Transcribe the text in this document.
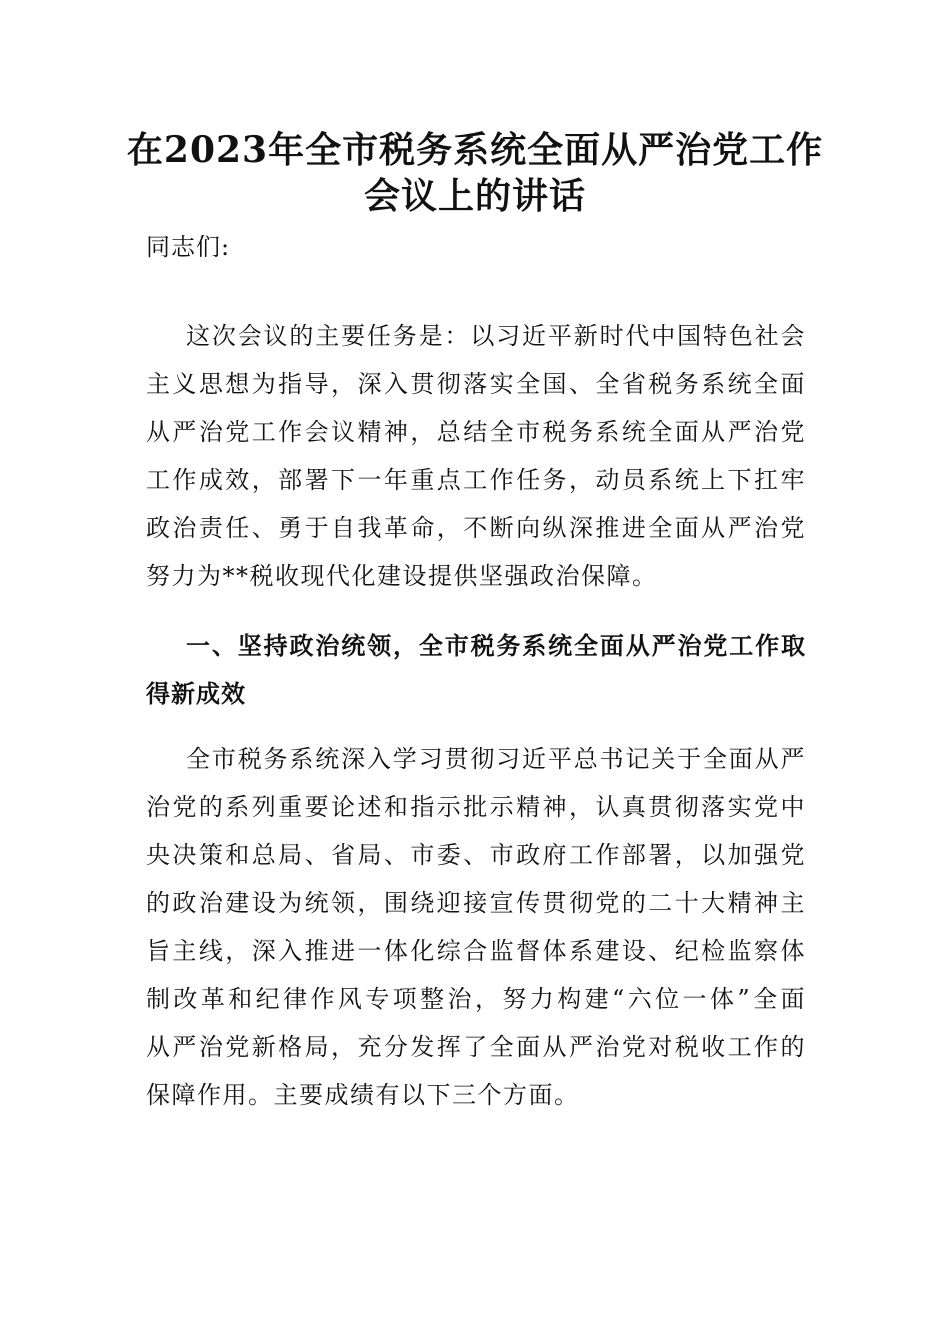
在2023年全市税务系统全面从严治党工作
会议上的讲话
同志们:
这次会议的主要任务是：以习近平新时代中国特色社会
主义思想为指导，深入贯彻落实全国、全省税务系统全面
从严治党工作会议精神，总结全市税务系统全面从严治党
工作成效，部署下一年重点工作任务，动员系统上下扛牢
政治责任、勇于自我革命，不断向纵深推进全面从严治党
努力为**税收现代化建设提供坚强政治保障。
一、坚持政治统领，全市税务系统全面从严治党工作取
得新成效
全市税务系统深入学习贯彻习近平总书记关于全面从严
治党的系列重要论述和指示批示精神，认真贯彻落实党中
央决策和总局、省局、市委、市政府工作部署，以加强党
的政治建设为统领，围绕迎接宣传贯彻党的二十大精神主
旨主线，深入推进一体化综合监督体系建设、纪检监察体
制改革和纪律作风专项整治，努力构建“六位一体”全面
从严治党新格局，充分发挥了全面从严治党对税收工作的
保障作用。主要成绩有以下三个方面。
